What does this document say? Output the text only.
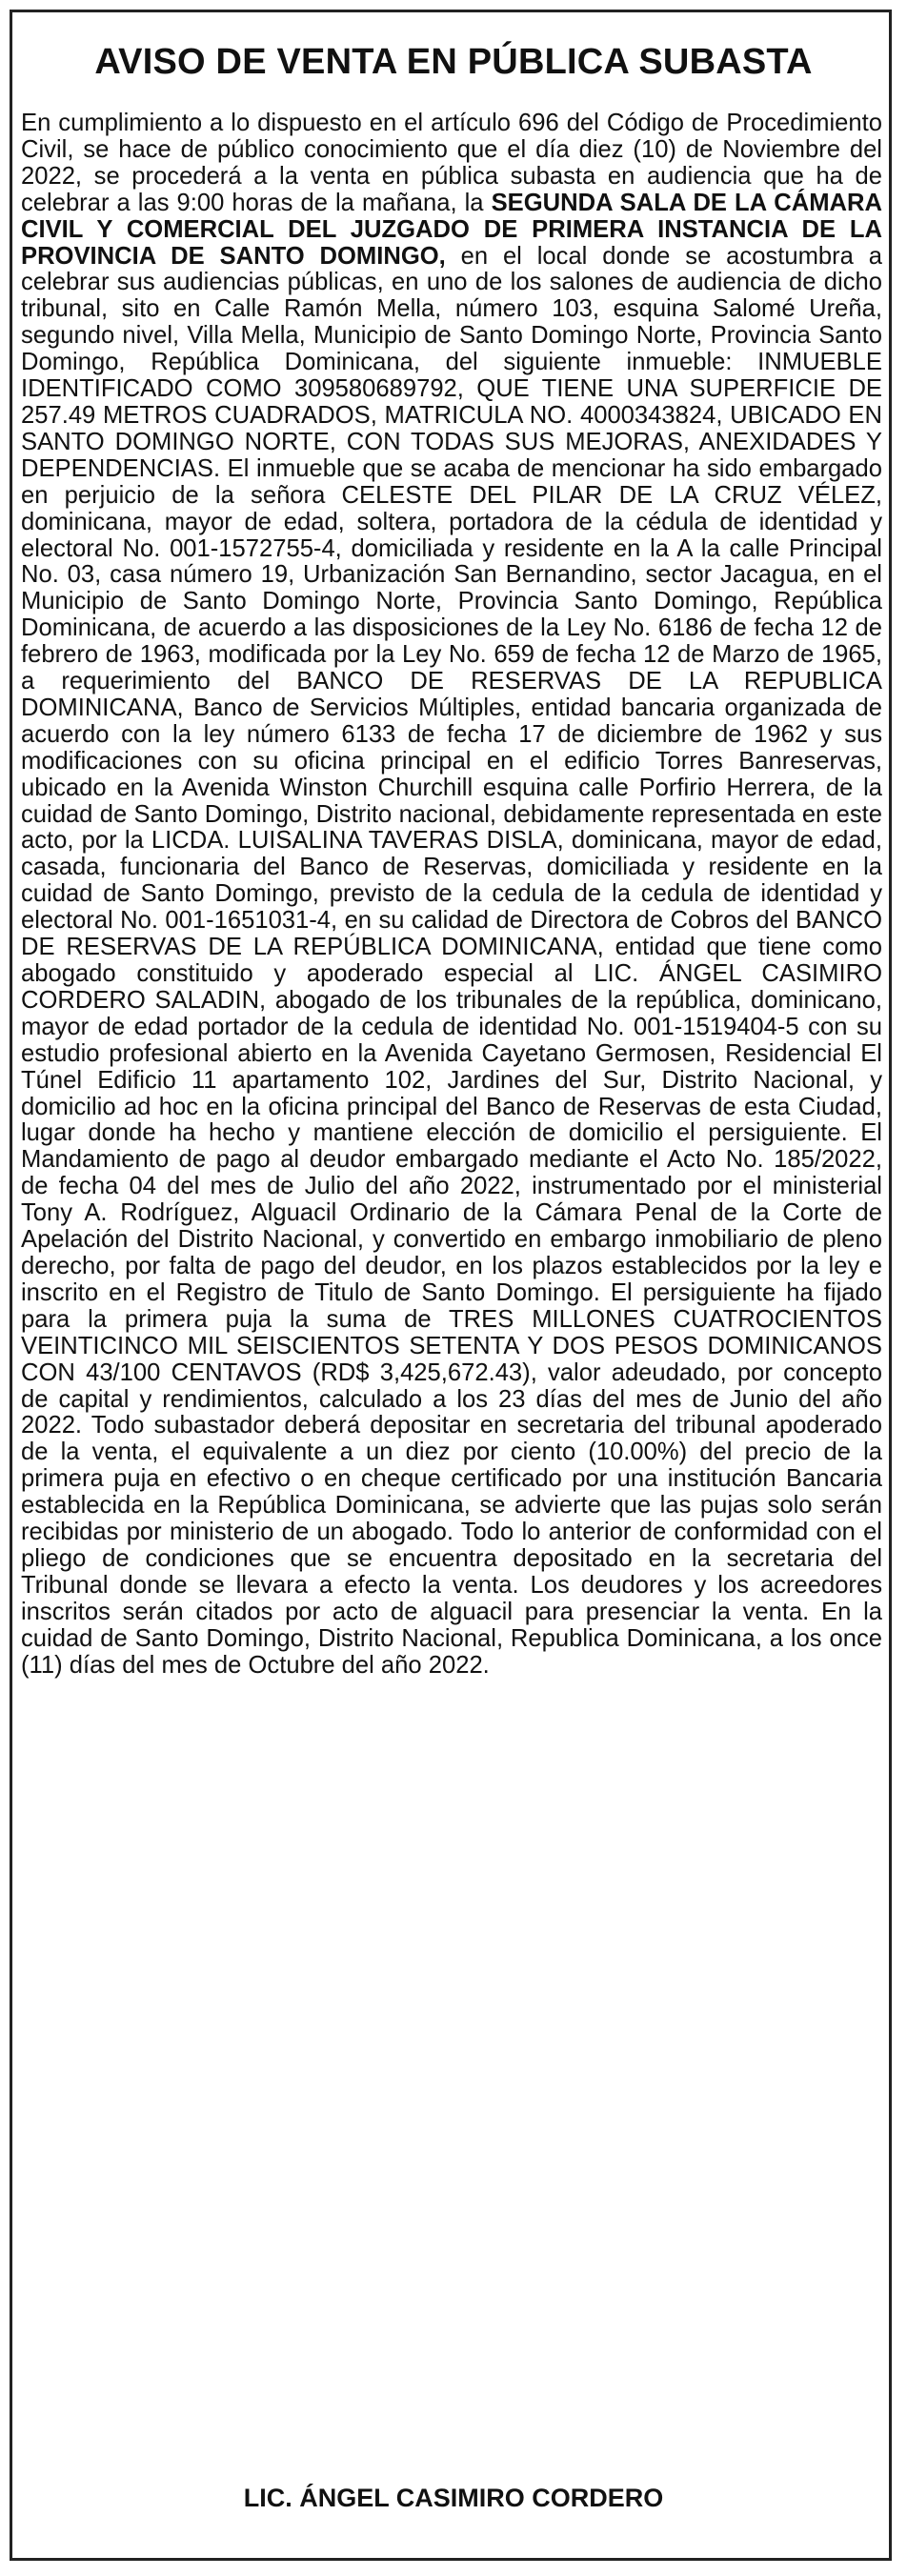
AVISO DE VENTA EN PÚBLICA SUBASTA

En cumplimiento a lo dispuesto en el artículo 696 del Código de Procedimiento Civil, se hace de público conocimiento que el día diez (10) de Noviembre del 2022, se procederá a la venta en pública subasta en audiencia que ha de celebrar a las 9:00 horas de la mañana, la SEGUNDA SALA DE LA CÁMARA CIVIL Y COMERCIAL DEL JUZGADO DE PRIMERA INSTANCIA DE LA PROVINCIA DE SANTO DOMINGO, en el local donde se acostumbra a celebrar sus audiencias públicas, en uno de los salones de audiencia de dicho tribunal, sito en Calle Ramón Mella, número 103, esquina Salomé Ureña, segundo nivel, Villa Mella, Municipio de Santo Domingo Norte, Provincia Santo Domingo, República Dominicana, del siguiente inmueble: INMUEBLE IDENTIFICADO COMO 309580689792, QUE TIENE UNA SUPERFICIE DE 257.49 METROS CUADRADOS, MATRICULA NO. 4000343824, UBICADO EN SANTO DOMINGO NORTE, CON TODAS SUS MEJORAS, ANEXIDADES Y DEPENDENCIAS. El inmueble que se acaba de mencionar ha sido embargado en perjuicio de la señora CELESTE DEL PILAR DE LA CRUZ VÉLEZ, dominicana, mayor de edad, soltera, portadora de la cédula de identidad y electoral No. 001-1572755-4, domiciliada y residente en la A la calle Principal No. 03, casa número 19, Urbanización San Bernandino, sector Jacagua, en el Municipio de Santo Domingo Norte, Provincia Santo Domingo, República Dominicana, de acuerdo a las disposiciones de la Ley No. 6186 de fecha 12 de febrero de 1963, modificada por la Ley No. 659 de fecha 12 de Marzo de 1965, a requerimiento del BANCO DE RESERVAS DE LA REPUBLICA DOMINICANA, Banco de Servicios Múltiples, entidad bancaria organizada de acuerdo con la ley número 6133 de fecha 17 de diciembre de 1962 y sus modificaciones con su oficina principal en el edificio Torres Banreservas, ubicado en la Avenida Winston Churchill esquina calle Porfirio Herrera, de la cuidad de Santo Domingo, Distrito nacional, debidamente representada en este acto, por la LICDA. LUISALINA TAVERAS DISLA, dominicana, mayor de edad, casada, funcionaria del Banco de Reservas, domiciliada y residente en la cuidad de Santo Domingo, previsto de la cedula de la cedula de identidad y electoral No. 001-1651031-4, en su calidad de Directora de Cobros del BANCO DE RESERVAS DE LA REPÚBLICA DOMINICANA, entidad que tiene como abogado constituido y apoderado especial al LIC. ÁNGEL CASIMIRO CORDERO SALADIN, abogado de los tribunales de la república, dominicano, mayor de edad portador de la cedula de identidad No. 001-1519404-5 con su estudio profesional abierto en la Avenida Cayetano Germosen, Residencial El Túnel Edificio 11 apartamento 102, Jardines del Sur, Distrito Nacional, y domicilio ad hoc en la oficina principal del Banco de Reservas de esta Ciudad, lugar donde ha hecho y mantiene elección de domicilio el persiguiente. El Mandamiento de pago al deudor embargado mediante el Acto No. 185/2022, de fecha 04 del mes de Julio del año 2022, instrumentado por el ministerial Tony A. Rodríguez, Alguacil Ordinario de la Cámara Penal de la Corte de Apelación del Distrito Nacional, y convertido en embargo inmobiliario de pleno derecho, por falta de pago del deudor, en los plazos establecidos por la ley e inscrito en el Registro de Titulo de Santo Domingo. El persiguiente ha fijado para la primera puja la suma de TRES MILLONES CUATROCIENTOS VEINTICINCO MIL SEISCIENTOS SETENTA Y DOS PESOS DOMINICANOS CON 43/100 CENTAVOS (RD$ 3,425,672.43), valor adeudado, por concepto de capital y rendimientos, calculado a los 23 días del mes de Junio del año 2022. Todo subastador deberá depositar en secretaria del tribunal apoderado de la venta, el equivalente a un diez por ciento (10.00%) del precio de la primera puja en efectivo o en cheque certificado por una institución Bancaria establecida en la República Dominicana, se advierte que las pujas solo serán recibidas por ministerio de un abogado. Todo lo anterior de conformidad con el pliego de condiciones que se encuentra depositado en la secretaria del Tribunal donde se llevara a efecto la venta. Los deudores y los acreedores inscritos serán citados por acto de alguacil para presenciar la venta. En la cuidad de Santo Domingo, Distrito Nacional, Republica Dominicana, a los once (11) días del mes de Octubre del año 2022.

LIC. ÁNGEL CASIMIRO CORDERO
